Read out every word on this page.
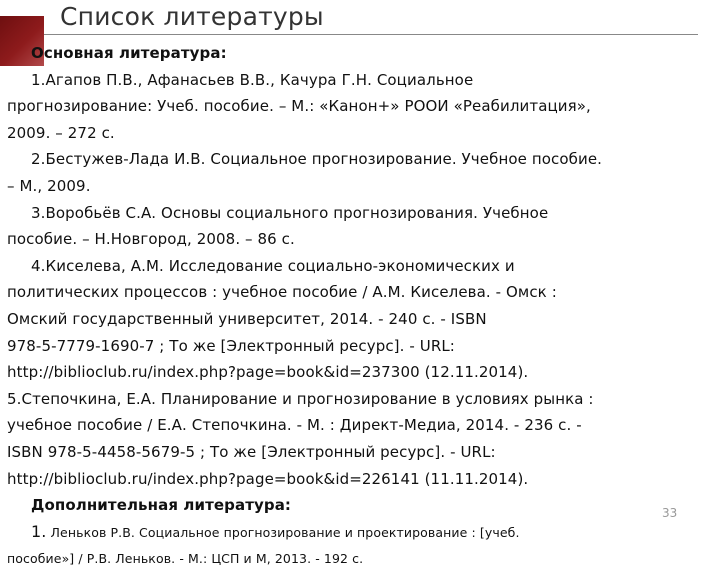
Список литературы
Основная литература:
1.Агапов П.В., Афанасьев В.В., Качура Г.Н. Социальное
прогнозирование: Учеб. пособие. – М.: «Канон+» РООИ «Реабилитация»,
2009. – 272 с.
2.Бестужев-Лада И.В. Социальное прогнозирование. Учебное пособие.
– М., 2009.
3.Воробьёв С.А. Основы социального прогнозирования. Учебное
пособие. – Н.Новгород, 2008. – 86 с.
4.Киселева, А.М. Исследование социально-экономических и
политических процессов : учебное пособие / А.М. Киселева. - Омск :
Омский государственный университет, 2014. - 240 с. - ISBN
978-5-7779-1690-7 ; То же [Электронный ресурс]. - URL:
http://biblioclub.ru/index.php?page=book&id=237300 (12.11.2014).
5.Степочкина, Е.А. Планирование и прогнозирование в условиях рынка :
учебное пособие / Е.А. Степочкина. - М. : Директ-Медиа, 2014. - 236 с. -
ISBN 978-5-4458-5679-5 ; То же [Электронный ресурс]. - URL:
http://biblioclub.ru/index.php?page=book&id=226141 (11.11.2014).
Дополнительная литература:
1. Леньков Р.В. Социальное прогнозирование и проектирование : [учеб.
пособие»] / Р.В. Леньков. - М.: ЦСП и М, 2013. - 192 с.
33
